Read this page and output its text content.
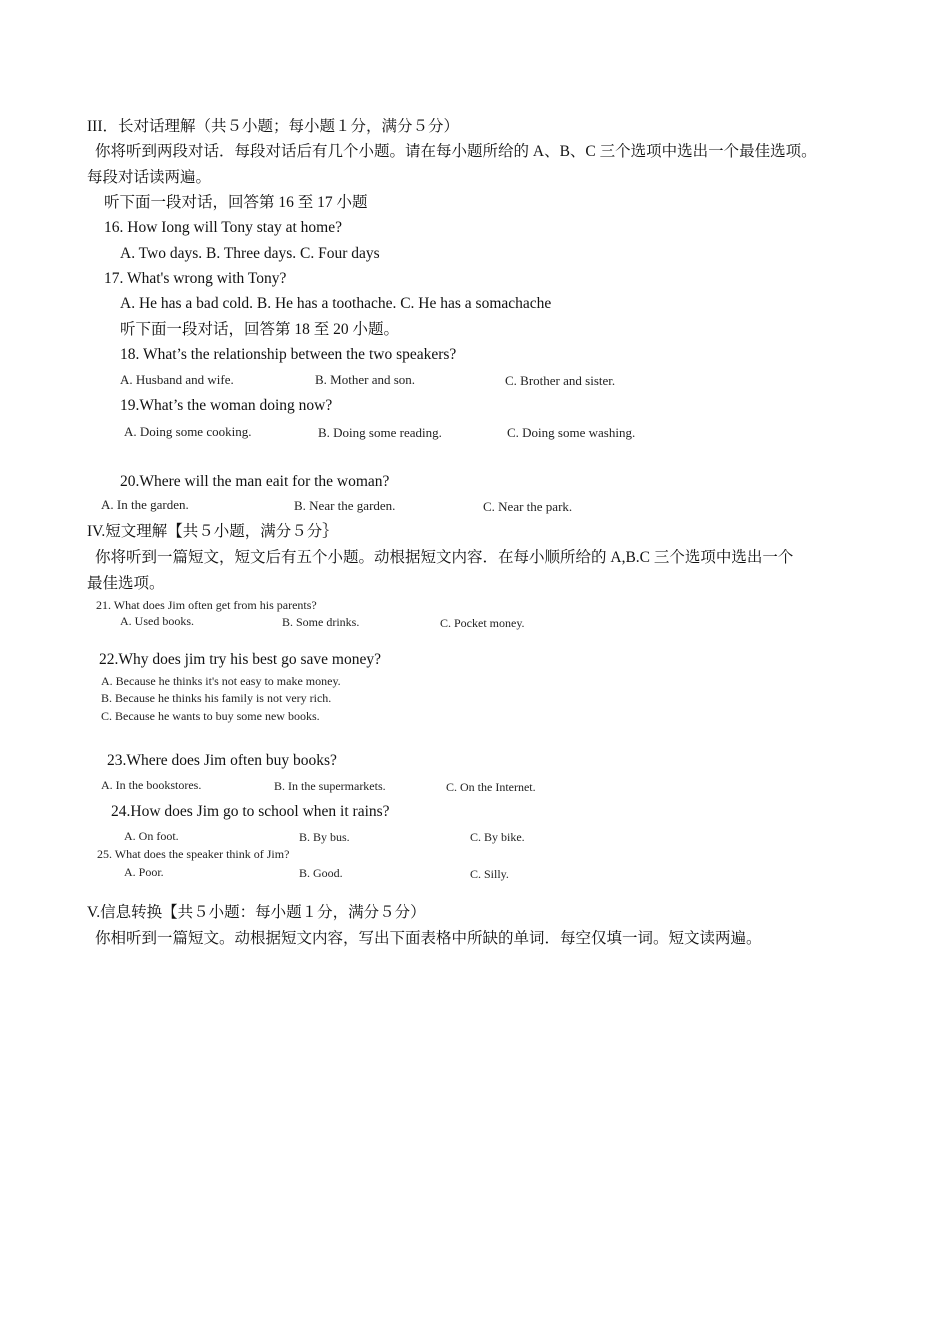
III．长对话理解（共５小题；每小题１分，满分５分）
你将听到两段对话．每段对话后有几个小题。请在每小题所给的 A、B、C 三个选项中选出一个最佳选项。
每段对话读两遍。
听下面一段对话，回答第 16 至 17 小题
16. How Iong will Tony stay at home?
A. Two days. B. Three days. C. Four days
17. What's wrong with Tony?
A. He has a bad cold. B. He has a toothache. C. He has a somachache
听下面一段对话，回答第 18 至 20 小题。
18. What’s the relationship between the two speakers?
A. Husband and wife.	B. Mother and son.	C. Brother and sister.
19.What’s the woman doing now?
A. Doing some cooking.	B. Doing some reading.	C. Doing some washing.
20.Where will the man eait for the woman?
A. In the garden.	B. Near the garden.	C. Near the park.
IV.短文理解【共５小题，满分５分｝
你将听到一篇短文，短文后有五个小题。动根据短文内容．在每小顺所给的 A,B.C 三个选项中选出一个
最佳选项。
21. What does Jim often get from his parents?
A. Used books.	B. Some drinks.	C. Pocket money.
22.Why does jim try his best go save money?
A. Because he thinks it's not easy to make money.
B. Because he thinks his family is not very rich.
C. Because he wants to buy some new books.
23.Where does Jim often buy books?
A. In the bookstores.	B. In the supermarkets.	C. On the Internet.
24.How does Jim go to school when it rains?
A. On foot.	B. By bus.	C. By bike.
25. What does the speaker think of Jim?
A. Poor.	B. Good.	C. Silly.
V.信息转换【共５小题：每小题１分，满分５分）
你相听到一篇短文。动根据短文内容，写出下面表格中所缺的单词．每空仅填一词。短文读两遍。
